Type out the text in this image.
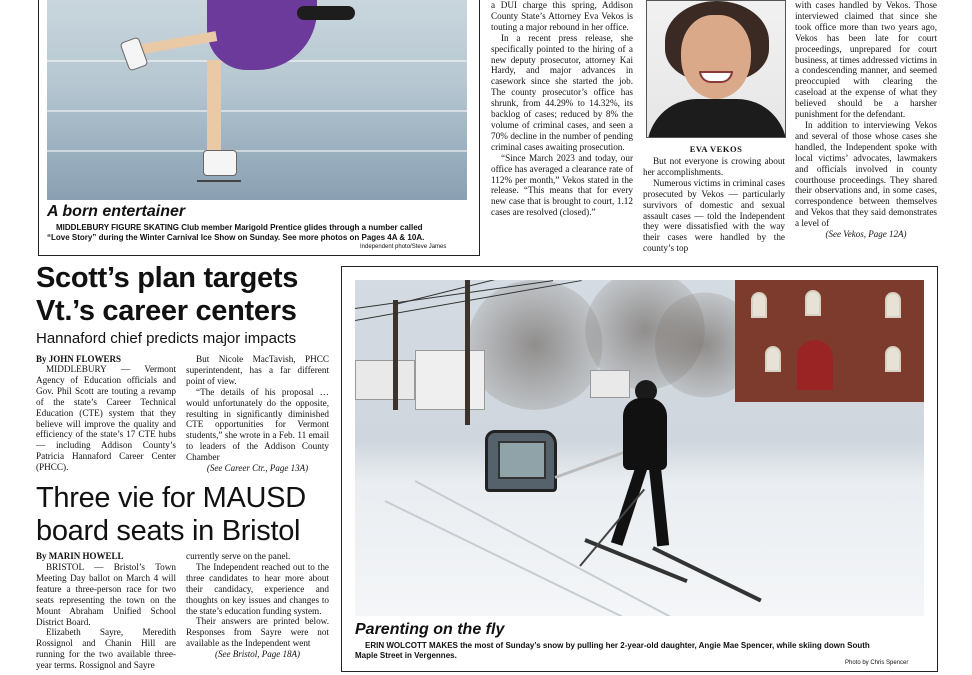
A born entertainer
MIDDLEBURY FIGURE SKATING Club member Marigold Prentice glides through a number called
“Love Story” during the Winter Carnival Ice Show on Sunday. See more photos on Pages 4A & 10A.
Independent photo/Steve James

a DUI charge this spring, Addison County State’s Attorney Eva Vekos is touting a major rebound in her office.

In a recent press release, she specifically pointed to the hiring of a new deputy prosecutor, attorney Kai Hardy, and major advances in casework since she started the job. The county prosecutor’s office has shrunk, from 44.29% to 14.32%, its backlog of cases; reduced by 8% the volume of criminal cases, and seen a 70% decline in the number of pending criminal cases awaiting prosecution.

“Since March 2023 and today, our office has averaged a clearance rate of 112% per month,” Vekos stated in the release. “This means that for every new case that is brought to court, 1.12 cases are resolved (closed).”

EVA VEKOS

But not everyone is crowing about her accomplishments.

Numerous victims in criminal cases prosecuted by Vekos — particularly survivors of domestic and sexual assault cases — told the Independent they were dissatisfied with the way their cases were handled by the county’s top

with cases handled by Vekos. Those interviewed claimed that since she took office more than two years ago, Vekos has been late for court proceedings, unprepared for court business, at times addressed victims in a condescending manner, and seemed preoccupied with clearing the caseload at the expense of what they believed should be a harsher punishment for the defendant.

In addition to interviewing Vekos and several of those whose cases she handled, the Independent spoke with local victims’ advocates, lawmakers and officials involved in county courthouse proceedings. They shared their observations and, in some cases, correspondence between themselves and Vekos that they said demonstrates a level of

(See Vekos, Page 12A)
Scott’s plan targets
Vt.’s career centers
Hannaford chief predicts major impacts
By JOHN FLOWERS

MIDDLEBURY — Vermont Agency of Education officials and Gov. Phil Scott are touting a revamp of the state’s Career Technical Education (CTE) system that they believe will improve the quality and efficiency of the state’s 17 CTE hubs — including Addison County’s Patricia Hannaford Career Center (PHCC).

But Nicole MacTavish, PHCC superintendent, has a far different point of view.

“The details of his proposal … would unfortunately do the opposite, resulting in significantly diminished CTE opportunities for Vermont students,” she wrote in a Feb. 11 email to leaders of the Addison County Chamber

(See Career Ctr., Page 13A)
Three vie for MAUSD
board seats in Bristol
By MARIN HOWELL

BRISTOL — Bristol’s Town Meeting Day ballot on March 4 will feature a three-person race for two seats representing the town on the Mount Abraham Unified School District Board.

Elizabeth Sayre, Meredith Rossignol and Chanin Hill are running for the two available three-year terms. Rossignol and Sayre

currently serve on the panel.

The Independent reached out to the three candidates to hear more about their candidacy, experience and thoughts on key issues and changes to the state’s education funding system.

Their answers are printed below. Responses from Sayre were not available as the Independent went

(See Bristol, Page 18A)
Parenting on the fly
ERIN WOLCOTT MAKES the most of Sunday’s snow by pulling her 2-year-old daughter, Angie Mae Spencer, while skiing down South
Maple Street in Vergennes.
Photo by Chris Spencer
